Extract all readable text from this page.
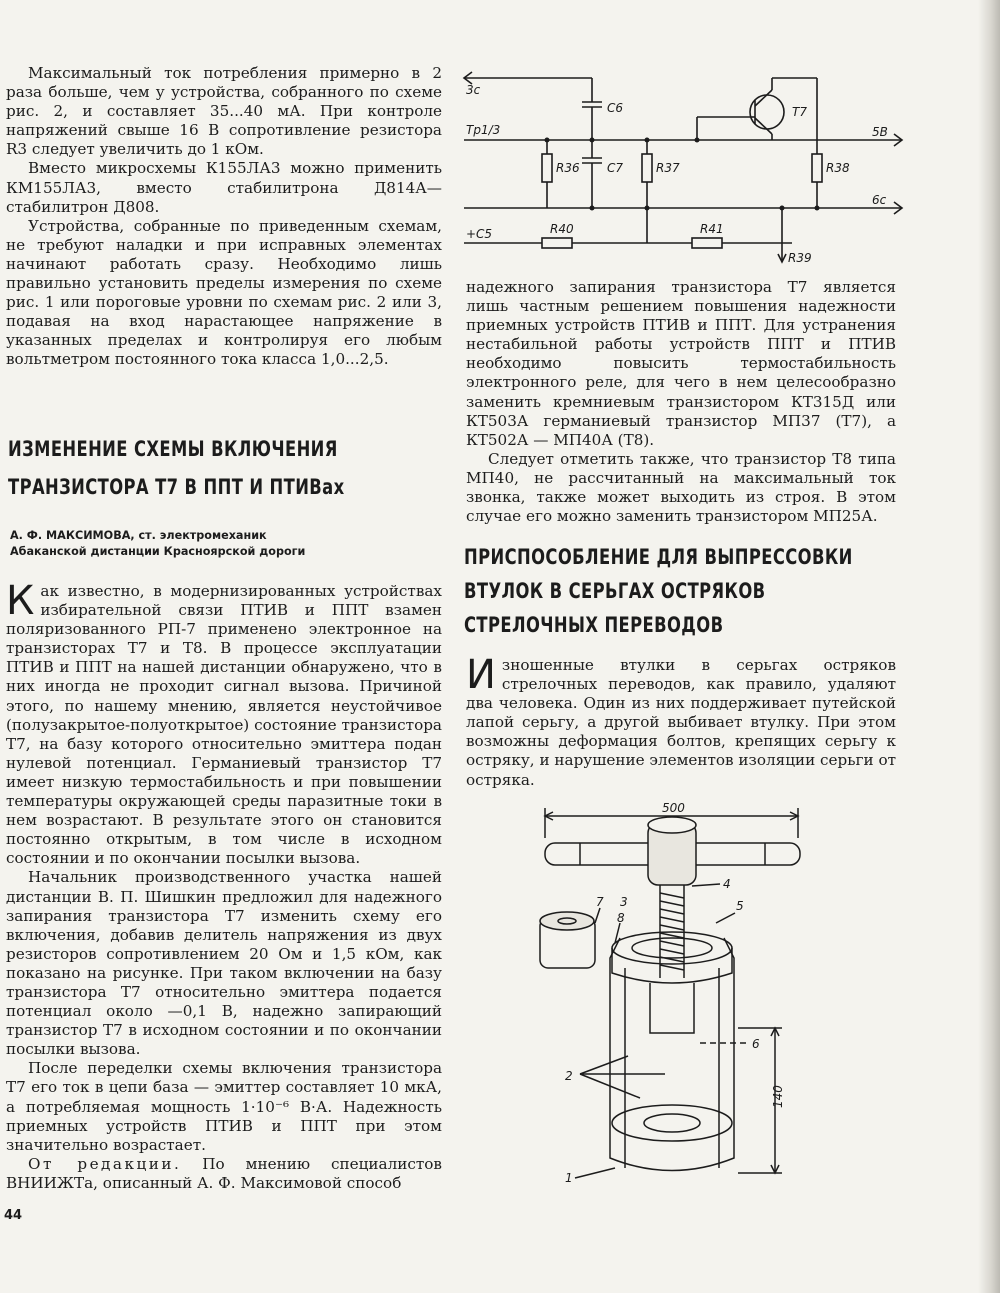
Максимальный ток потребления примерно в 2 раза больше, чем у устройства, собранного по схеме рис. 2, и составляет 35...40 мА. При контроле напряжений свыше 16 В сопротивление резистора R3 следует увеличить до 1 кОм.

Вместо микросхемы К155ЛА3 можно применить КМ155ЛА3, вместо стабилитрона Д814А—стабилитрон Д808.

Устройства, собранные по приведенным схемам, не требуют наладки и при исправных элементах начинают работать сразу. Необходимо лишь правильно установить пределы измерения по схеме рис. 1 или пороговые уровни по схемам рис. 2 или 3, подавая на вход нарастающее напряжение в указанных пределах и контролируя его любым вольтметром постоянного тока класса 1,0...2,5.

ИЗМЕНЕНИЕ СХЕМЫ ВКЛЮЧЕНИЯ
ТРАНЗИСТОРА Т7 В ППТ И ПТИВах

А. Ф. МАКСИМОВА, ст. электромеханик

Абаканской дистанции Красноярской дороги

Как известно, в модернизированных устройствах избирательной связи ПТИВ и ППТ взамен поляризованного РП-7 применено электронное на транзисторах Т7 и Т8. В процессе эксплуатации ПТИВ и ППТ на нашей дистанции обнаружено, что в них иногда не проходит сигнал вызова. Причиной этого, по нашему мнению, является неустойчивое (полузакрытое-полуоткрытое) состояние транзистора Т7, на базу которого относительно эмиттера подан нулевой потенциал. Германиевый транзистор Т7 имеет низкую термостабильность и при повышении температуры окружающей среды паразитные токи в нем возрастают. В результате этого он становится постоянно открытым, в том числе в исходном состоянии и по окончании посылки вызова.

Начальник производственного участка нашей дистанции В. П. Шишкин предложил для надежного запирания транзистора Т7 изменить схему его включения, добавив делитель напряжения из двух резисторов сопротивлением 20 Ом и 1,5 кОм, как показано на рисунке. При таком включении на базу транзистора Т7 относительно эмиттера подается потенциал около —0,1 В, надежно запирающий транзистор Т7 в исходном состоянии и по окончании посылки вызова.

После переделки схемы включения транзистора Т7 его ток в цепи база — эмиттер составляет 10 мкА, а потребляемая мощность 1·10⁻⁶ В·А. Надежность приемных устройств ПТИВ и ППТ при этом значительно возрастает.

От редакции. По мнению специалистов ВНИИЖТа, описанный А. Ф. Максимовой способ

44
3с
Тр1/3
С6	Т7
R36 С7	R37	R38
5В
6с
+С5	R40	R41
R39

надежного запирания транзистора Т7 является лишь частным решением повышения надежности приемных устройств ПТИВ и ППТ. Для устранения нестабильной работы устройств ППТ и ПТИВ необходимо повысить термостабильность электронного реле, для чего в нем целесообразно заменить кремниевым транзистором КТ315Д или КТ503А германиевый транзистор МП37 (Т7), а КТ502А — МП40А (Т8).

Следует отметить также, что транзистор Т8 типа МП40, не рассчитанный на максимальный ток звонка, также может выходить из строя. В этом случае его можно заменить транзистором МП25А.

ПРИСПОСОБЛЕНИЕ ДЛЯ ВЫПРЕССОВКИ
ВТУЛОК В СЕРЬГАХ ОСТРЯКОВ
СТРЕЛОЧНЫХ ПЕРЕВОДОВ

Изношенные втулки в серьгах остряков стрелочных переводов, как правило, удаляют два человека. Один из них поддерживает путейской лапой серьгу, а другой выбивает втулку. При этом возможны деформация болтов, крепящих серьгу к остряку, и нарушение элементов изоляции серьги от остряка.

500
140
1
2
3
4
5
6
7
8
